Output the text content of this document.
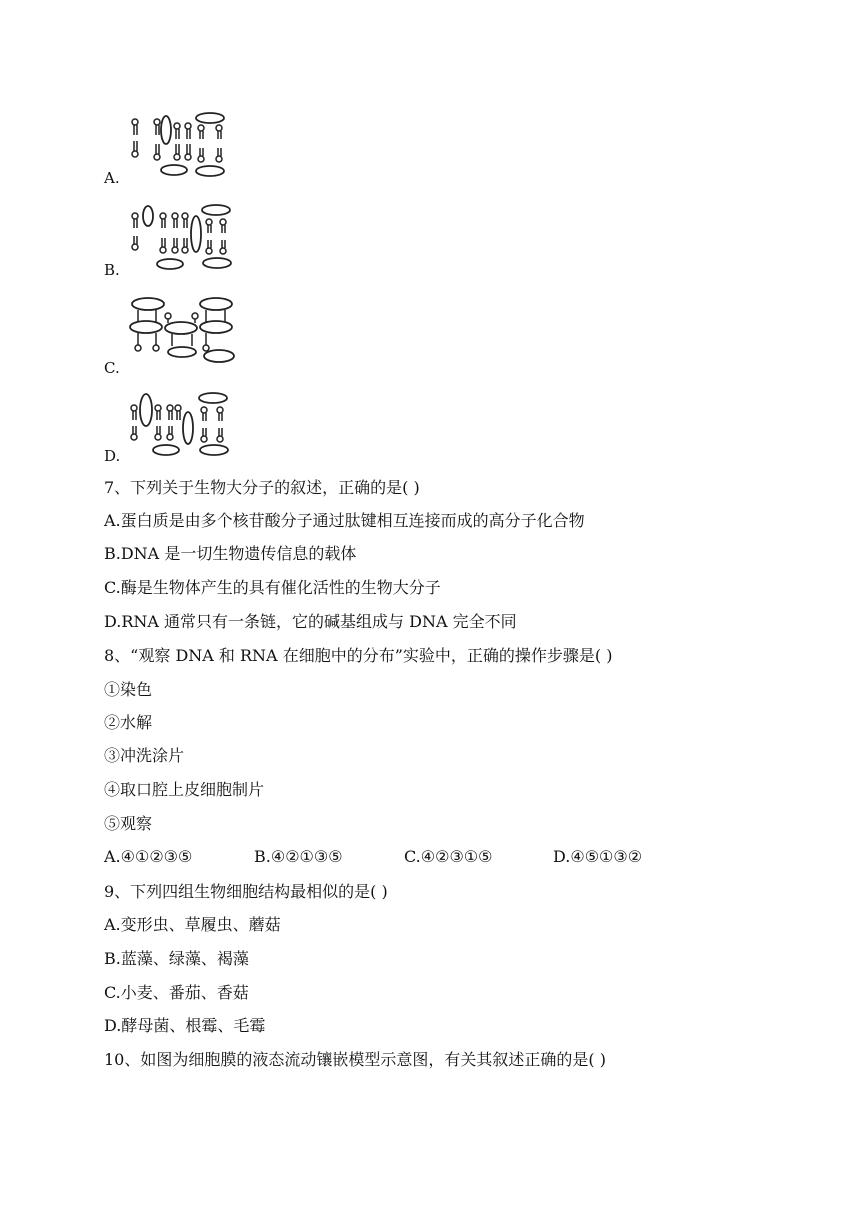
A.
B.
C.
D.
7、下列关于生物大分子的叙述，正确的是( )
A.蛋白质是由多个核苷酸分子通过肽键相互连接而成的高分子化合物
B.DNA 是一切生物遗传信息的载体
C.酶是生物体产生的具有催化活性的生物大分子
D.RNA 通常只有一条链，它的碱基组成与 DNA 完全不同
8、“观察 DNA 和 RNA 在细胞中的分布”实验中，正确的操作步骤是( )
①染色
②水解
③冲洗涂片
④取口腔上皮细胞制片
⑤观察
A.④①②③⑤	B.④②①③⑤	C.④②③①⑤	D.④⑤①③②
9、下列四组生物细胞结构最相似的是( )
A.变形虫、草履虫、蘑菇
B.蓝藻、绿藻、褐藻
C.小麦、番茄、香菇
D.酵母菌、根霉、毛霉
10、如图为细胞膜的液态流动镶嵌模型示意图，有关其叙述正确的是( )
